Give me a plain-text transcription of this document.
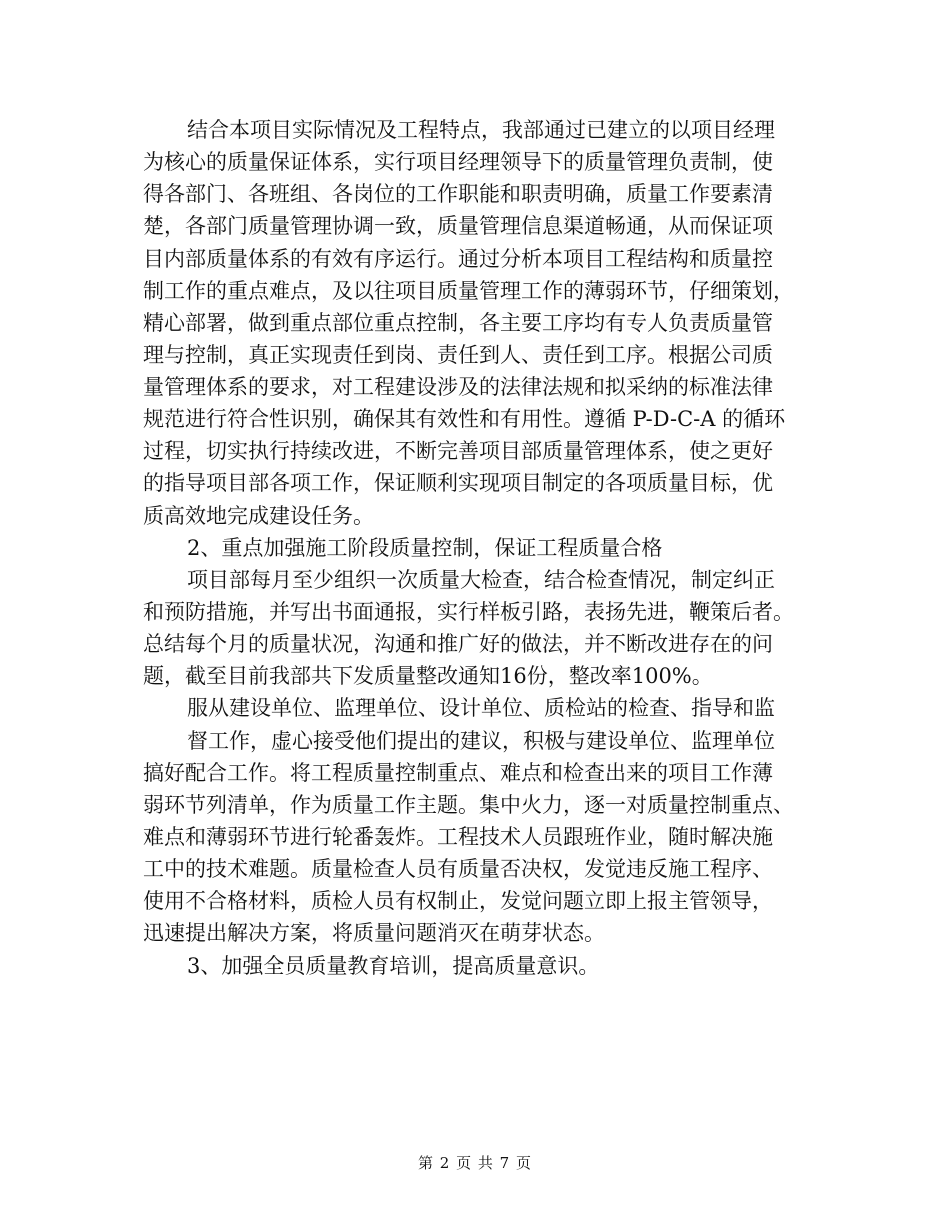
结合本项目实际情况及工程特点，我部通过已建立的以项目经理
为核心的质量保证体系，实行项目经理领导下的质量管理负责制，使
得各部门、各班组、各岗位的工作职能和职责明确，质量工作要素清
楚，各部门质量管理协调一致，质量管理信息渠道畅通，从而保证项
目内部质量体系的有效有序运行。通过分析本项目工程结构和质量控
制工作的重点难点，及以往项目质量管理工作的薄弱环节，仔细策划，
精心部署，做到重点部位重点控制，各主要工序均有专人负责质量管
理与控制，真正实现责任到岗、责任到人、责任到工序。根据公司质
量管理体系的要求，对工程建设涉及的法律法规和拟采纳的标准法律
规范进行符合性识别，确保其有效性和有用性。遵循 P-D-C-A 的循环
过程，切实执行持续改进，不断完善项目部质量管理体系，使之更好
的指导项目部各项工作，保证顺利实现项目制定的各项质量目标，优
质高效地完成建设任务。
2、重点加强施工阶段质量控制，保证工程质量合格
项目部每月至少组织一次质量大检查，结合检查情况，制定纠正
和预防措施，并写出书面通报，实行样板引路，表扬先进，鞭策后者。
总结每个月的质量状况，沟通和推广好的做法，并不断改进存在的问
题，截至目前我部共下发质量整改通知16份，整改率100%。
服从建设单位、监理单位、设计单位、质检站的检查、指导和监
督工作，虚心接受他们提出的建议，积极与建设单位、监理单位
搞好配合工作。将工程质量控制重点、难点和检查出来的项目工作薄
弱环节列清单，作为质量工作主题。集中火力，逐一对质量控制重点、
难点和薄弱环节进行轮番轰炸。工程技术人员跟班作业，随时解决施
工中的技术难题。质量检查人员有质量否决权，发觉违反施工程序、
使用不合格材料，质检人员有权制止，发觉问题立即上报主管领导，
迅速提出解决方案，将质量问题消灭在萌芽状态。
3、加强全员质量教育培训，提高质量意识。
第 2 页 共 7 页
